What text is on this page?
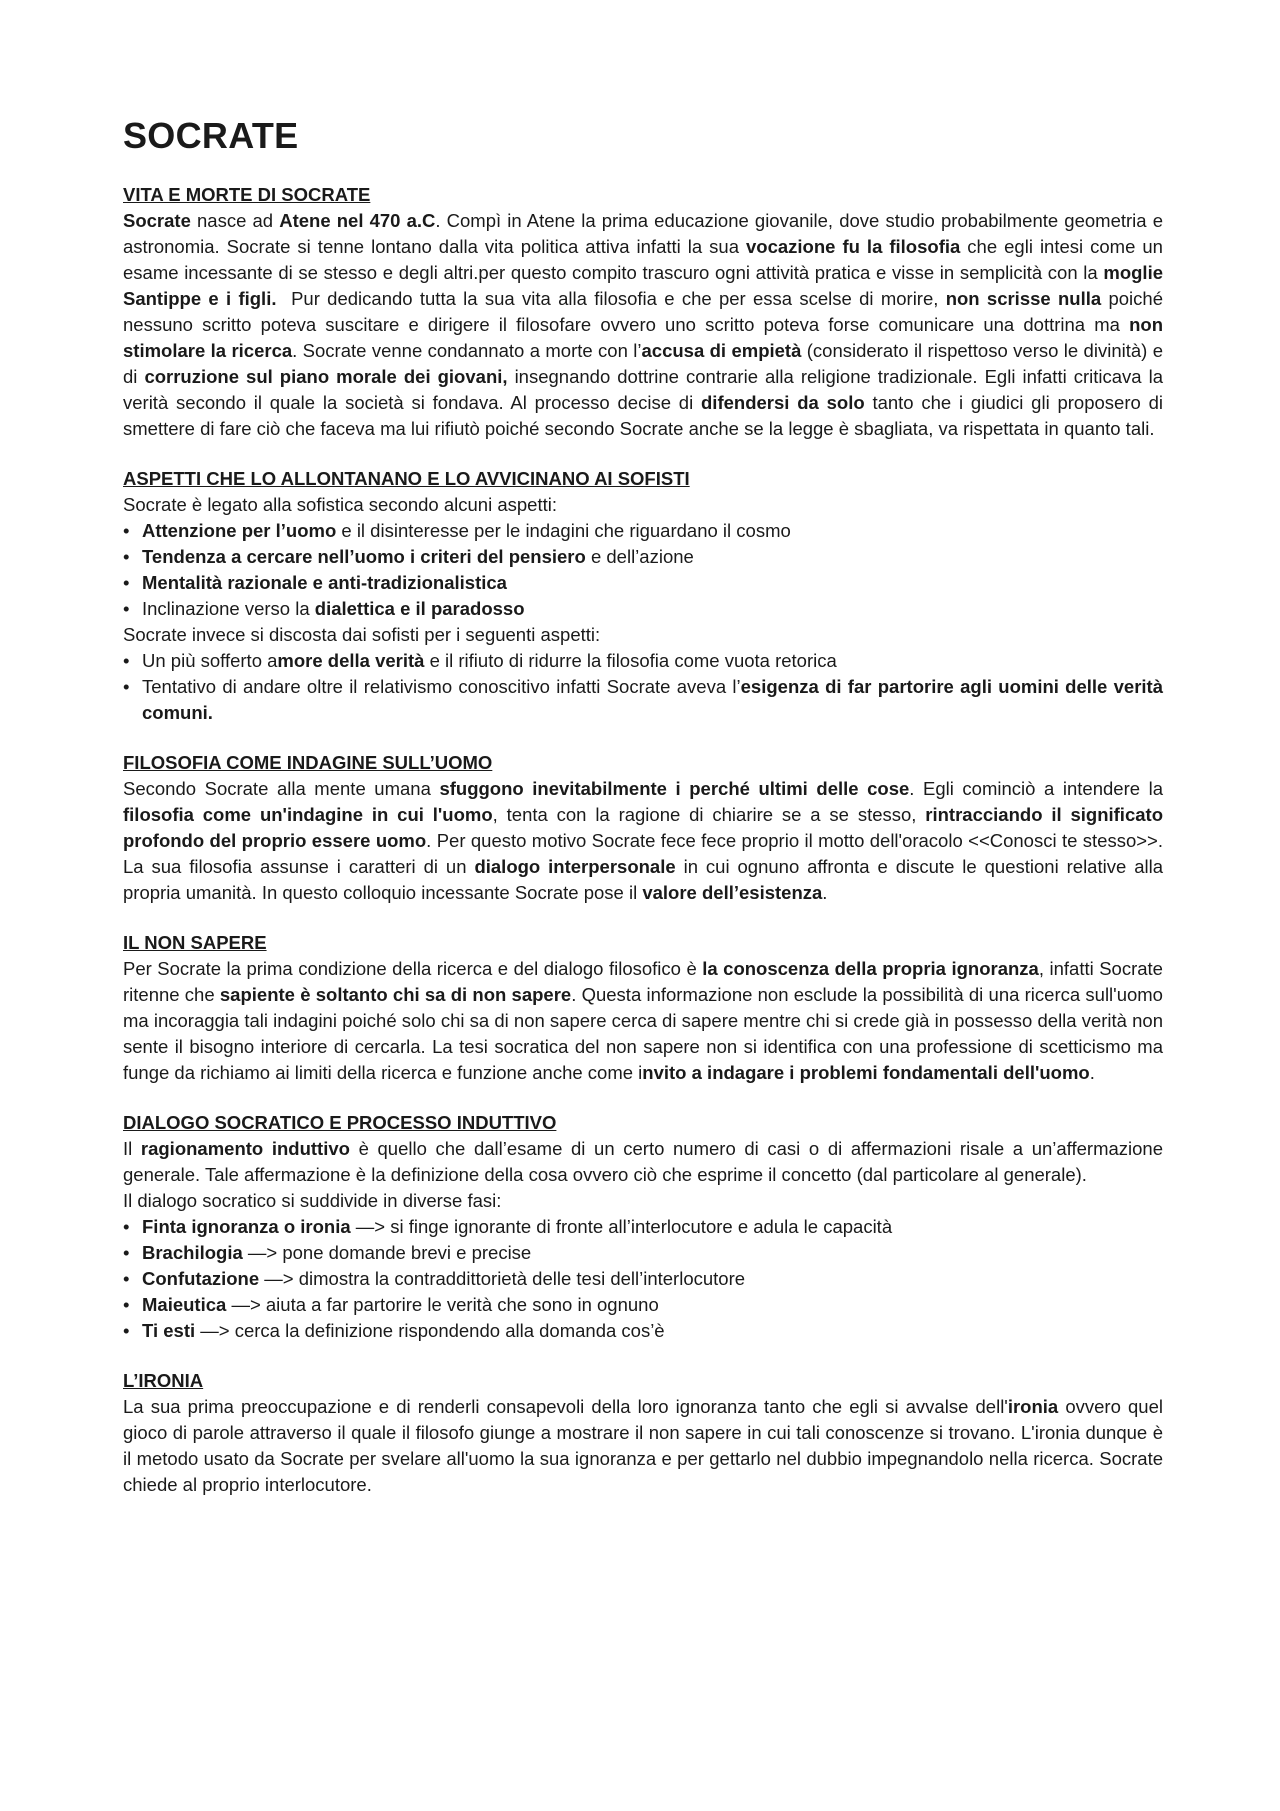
SOCRATE
VITA E MORTE DI SOCRATE

Socrate nasce ad Atene nel 470 a.C. Compì in Atene la prima educazione giovanile, dove studio probabilmente geometria e astronomia. Socrate si tenne lontano dalla vita politica attiva infatti la sua vocazione fu la filosofia che egli intesi come un esame incessante di se stesso e degli altri.per questo compito trascuro ogni attività pratica e visse in semplicità con la moglie Santippe e i figli.  Pur dedicando tutta la sua vita alla filosofia e che per essa scelse di morire, non scrisse nulla poiché nessuno scritto poteva suscitare e dirigere il filosofare ovvero uno scritto poteva forse comunicare una dottrina ma non stimolare la ricerca. Socrate venne condannato a morte con l’accusa di empietà (considerato il rispettoso verso le divinità) e di corruzione sul piano morale dei giovani, insegnando dottrine contrarie alla religione tradizionale. Egli infatti criticava la verità secondo il quale la società si fondava. Al processo decise di difendersi da solo tanto che i giudici gli proposero di smettere di fare ciò che faceva ma lui rifiutò poiché secondo Socrate anche se la legge è sbagliata, va rispettata in quanto tali.

ASPETTI CHE LO ALLONTANANO E LO AVVICINANO AI SOFISTI

Socrate è legato alla sofistica secondo alcuni aspetti:

• Attenzione per l’uomo e il disinteresse per le indagini che riguardano il cosmo
• Tendenza a cercare nell’uomo i criteri del pensiero e dell’azione
• Mentalità razionale e anti-tradizionalistica
• Inclinazione verso la dialettica e il paradosso

Socrate invece si discosta dai sofisti per i seguenti aspetti:

• Un più sofferto amore della verità e il rifiuto di ridurre la filosofia come vuota retorica
• Tentativo di andare oltre il relativismo conoscitivo infatti Socrate aveva l’esigenza di far partorire agli uomini delle verità comuni.
FILOSOFIA COME INDAGINE SULL’UOMO

Secondo Socrate alla mente umana sfuggono inevitabilmente i perché ultimi delle cose. Egli cominciò a intendere la filosofia come un'indagine in cui l'uomo, tenta con la ragione di chiarire se a se stesso, rintracciando il significato profondo del proprio essere uomo. Per questo motivo Socrate fece fece proprio il motto dell'oracolo <<Conosci te stesso>>. La sua filosofia assunse i caratteri di un dialogo interpersonale in cui ognuno affronta e discute le questioni relative alla propria umanità. In questo colloquio incessante Socrate pose il valore dell’esistenza.

IL NON SAPERE

Per Socrate la prima condizione della ricerca e del dialogo filosofico è la conoscenza della propria ignoranza, infatti Socrate ritenne che sapiente è soltanto chi sa di non sapere. Questa informazione non esclude la possibilità di una ricerca sull'uomo ma incoraggia tali indagini poiché solo chi sa di non sapere cerca di sapere mentre chi si crede già in possesso della verità non sente il bisogno interiore di cercarla. La tesi socratica del non sapere non si identifica con una professione di scetticismo ma funge da richiamo ai limiti della ricerca e funzione anche come invito a indagare i problemi fondamentali dell'uomo.

DIALOGO SOCRATICO E PROCESSO INDUTTIVO

Il ragionamento induttivo è quello che dall’esame di un certo numero di casi o di affermazioni risale a un’affermazione generale. Tale affermazione è la definizione della cosa ovvero ciò che esprime il concetto (dal particolare al generale).

Il dialogo socratico si suddivide in diverse fasi:

• Finta ignoranza o ironia —> si finge ignorante di fronte all’interlocutore e adula le capacità
• Brachilogia —> pone domande brevi e precise
• Confutazione —> dimostra la contraddittorietà delle tesi dell’interlocutore
• Maieutica —> aiuta a far partorire le verità che sono in ognuno
• Ti esti —> cerca la definizione rispondendo alla domanda cos’è
L’IRONIA

La sua prima preoccupazione e di renderli consapevoli della loro ignoranza tanto che egli si avvalse dell'ironia ovvero quel gioco di parole attraverso il quale il filosofo giunge a mostrare il non sapere in cui tali conoscenze si trovano. L'ironia dunque è il metodo usato da Socrate per svelare all'uomo la sua ignoranza e per gettarlo nel dubbio impegnandolo nella ricerca. Socrate chiede al proprio interlocutore.
